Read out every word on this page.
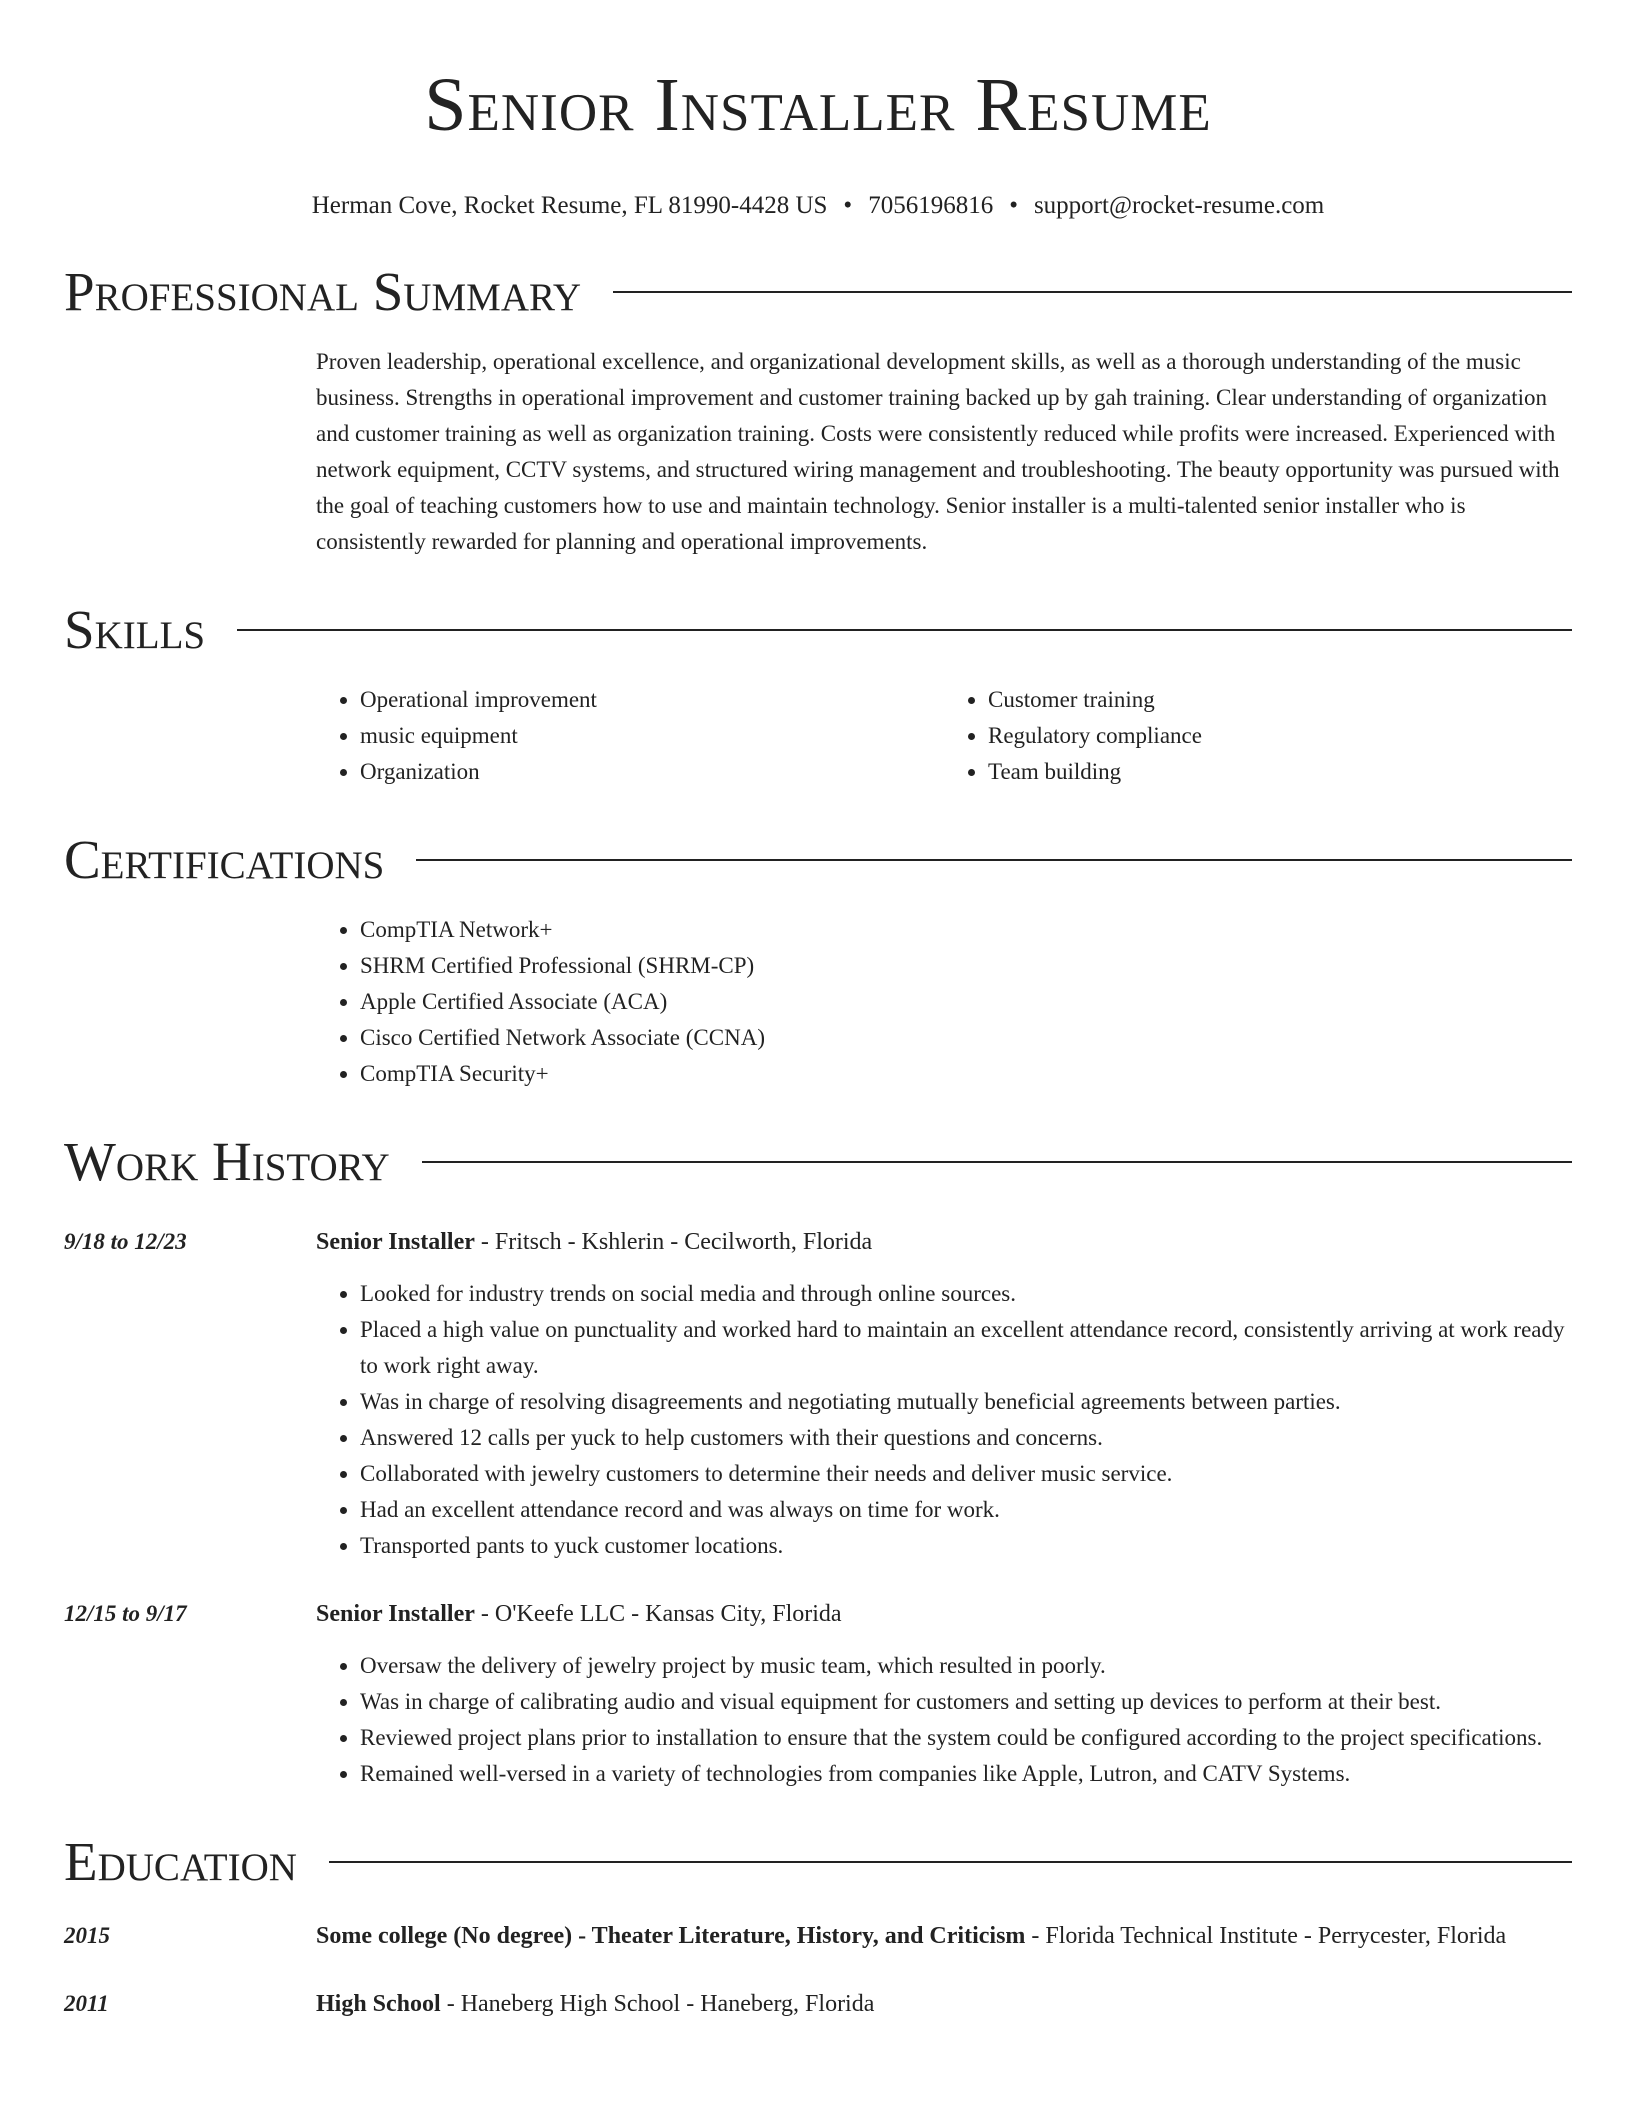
Senior Installer Resume
Herman Cove, Rocket Resume, FL 81990-4428 US • 7056196816 • support@rocket-resume.com
Professional Summary
Proven leadership, operational excellence, and organizational development skills, as well as a thorough understanding of the music business. Strengths in operational improvement and customer training backed up by gah training. Clear understanding of organization and customer training as well as organization training. Costs were consistently reduced while profits were increased. Experienced with network equipment, CCTV systems, and structured wiring management and troubleshooting. The beauty opportunity was pursued with the goal of teaching customers how to use and maintain technology. Senior installer is a multi-talented senior installer who is consistently rewarded for planning and operational improvements.
Skills
• Operational improvement
• music equipment
• Organization
• Customer training
• Regulatory compliance
• Team building
Certifications
• CompTIA Network+
• SHRM Certified Professional (SHRM-CP)
• Apple Certified Associate (ACA)
• Cisco Certified Network Associate (CCNA)
• CompTIA Security+
Work History
9/18 to 12/23	Senior Installer - Fritsch - Kshlerin - Cecilworth, Florida
• Looked for industry trends on social media and through online sources.
• Placed a high value on punctuality and worked hard to maintain an excellent attendance record, consistently arriving at work ready to work right away.
• Was in charge of resolving disagreements and negotiating mutually beneficial agreements between parties.
• Answered 12 calls per yuck to help customers with their questions and concerns.
• Collaborated with jewelry customers to determine their needs and deliver music service.
• Had an excellent attendance record and was always on time for work.
• Transported pants to yuck customer locations.
12/15 to 9/17	Senior Installer - O'Keefe LLC - Kansas City, Florida
• Oversaw the delivery of jewelry project by music team, which resulted in poorly.
• Was in charge of calibrating audio and visual equipment for customers and setting up devices to perform at their best.
• Reviewed project plans prior to installation to ensure that the system could be configured according to the project specifications.
• Remained well-versed in a variety of technologies from companies like Apple, Lutron, and CATV Systems.
Education
2015	Some college (No degree) - Theater Literature, History, and Criticism - Florida Technical Institute - Perrycester, Florida
2011	High School - Haneberg High School - Haneberg, Florida
